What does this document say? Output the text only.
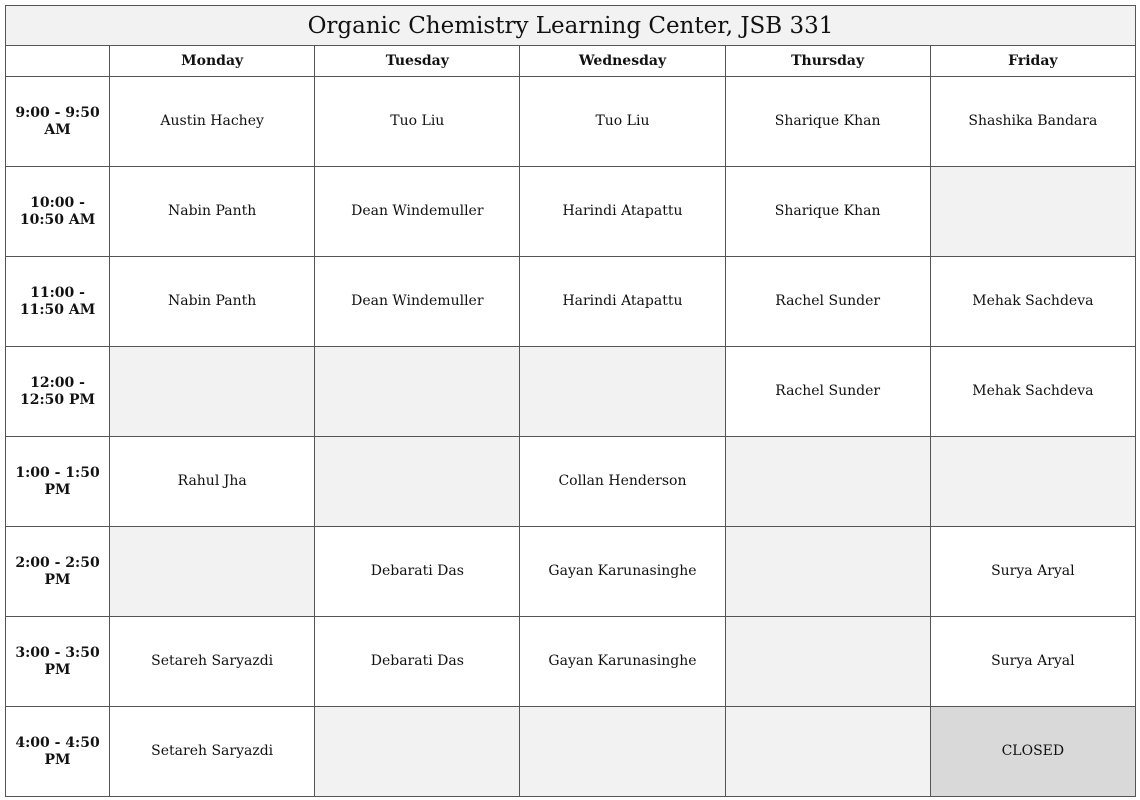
Organic Chemistry Learning Center, JSB 331					
	Monday	Tuesday	Wednesday	Thursday	Friday
9:00 - 9:50 AM	Austin Hachey	Tuo Liu	Tuo Liu	Sharique Khan	Shashika Bandara
10:00 - 10:50 AM	Nabin Panth	Dean Windemuller	Harindi Atapattu	Sharique Khan	
11:00 - 11:50 AM	Nabin Panth	Dean Windemuller	Harindi Atapattu	Rachel Sunder	Mehak Sachdeva
12:00 - 12:50 PM				Rachel Sunder	Mehak Sachdeva
1:00 - 1:50 PM	Rahul Jha		Collan Henderson		
2:00 - 2:50 PM		Debarati Das	Gayan Karunasinghe		Surya Aryal
3:00 - 3:50 PM	Setareh Saryazdi	Debarati Das	Gayan Karunasinghe		Surya Aryal
4:00 - 4:50 PM	Setareh Saryazdi				CLOSED
